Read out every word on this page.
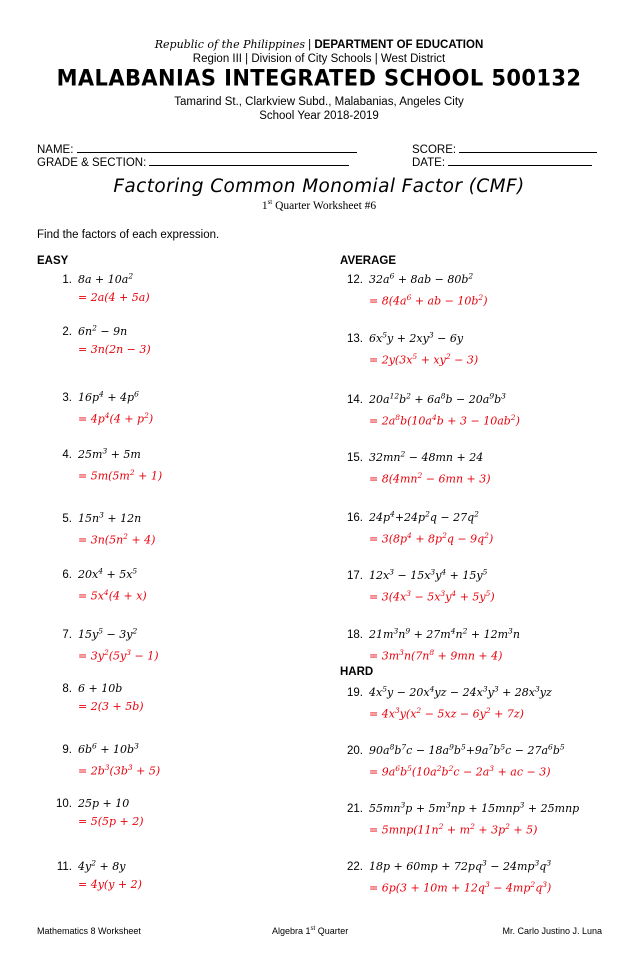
Republic of the Philippines | DEPARTMENT OF EDUCATION
Region III | Division of City Schools | West District
MALABANIAS INTEGRATED SCHOOL 500132
Tamarind St., Clarkview Subd., Malabanias, Angeles City
School Year 2018-2019
NAME:	SCORE:
GRADE & SECTION:	DATE:
Factoring Common Monomial Factor (CMF)
1st Quarter Worksheet #6
Find the factors of each expression.
EASY	AVERAGE
HARD
1. $8a + 10a^2$
= 2a(4 + 5a)
2. $6n^2 - 9n$
= 3n(2n − 3)
3. $16p^4 + 4p^6$
= $4p^4(4 + p^2)$
4. $25m^3 + 5m$
= $5m(5m^2 + 1)$
5. $15n^3 + 12n$
= $3n(5n^2 + 4)$
6. $20x^4 + 5x^5$
= $5x^4(4 + x)$
7. $15y^5 - 3y^2$
= $3y^2(5y^3 - 1)$
8. 6 + 10b
= 2(3 + 5b)
9. $6b^6 + 10b^3$
= $2b^3(3b^3 + 5)$
10. 25p + 10
= 5(5p + 2)
11. $4y^2 + 8y$
= 4y(y + 2)
12. $32a^6 + 8ab - 80b^2$
= $8(4a^6$ + ab − $10b^2$)
13. $6x^5y + 2xy^3 - 6y$
= $2y(3x^5 + xy^2 - 3)$
14. $20a^{12}b^2 + 6a^8b - 20a^9b^3$
= $2a^8b(10a^4b + 3 - 10ab^2)$
15. $32mn^2 - 48mn + 24$
= $8(4mn^2 - 6mn + 3)$
16. $24p^4+24p^2q - 27q^2$
= $3(8p^4 + 8p^2q - 9q^2)$
17. $12x^3 - 15x^3y^4 + 15y^5$
= $3(4x^3 - 5x^3y^4 + 5y^5)$
18. $21m^3n^9 + 27m^4n^2 + 12m^3n$
= $3m^3n(7n^8 + 9mn + 4)$
19. $4x^5y - 20x^4yz - 24x^3y^3 + 28x^3yz$
= $4x^3y(x^2 - 5xz - 6y^2 + 7z)$
20. $90a^8b^7c - 18a^9b^5+9a^7b^5c - 27a^6b^5$
= $9a^6b^5(10a^2b^2c - 2a^3$ + ac − 3)
21. $55mn^3p + 5m^3np + 15mnp^3 + 25mnp$
= $5mnp(11n^2 + m^2 + 3p^2 + 5)$
22. $18p + 60mp + 72pq^3 - 24mp^3q^3$
= $6p(3 + 10m + 12q^3 - 4mp^2q^3)$
Mathematics 8 Worksheet	Algebra 1st Quarter	Mr. Carlo Justino J. Luna
